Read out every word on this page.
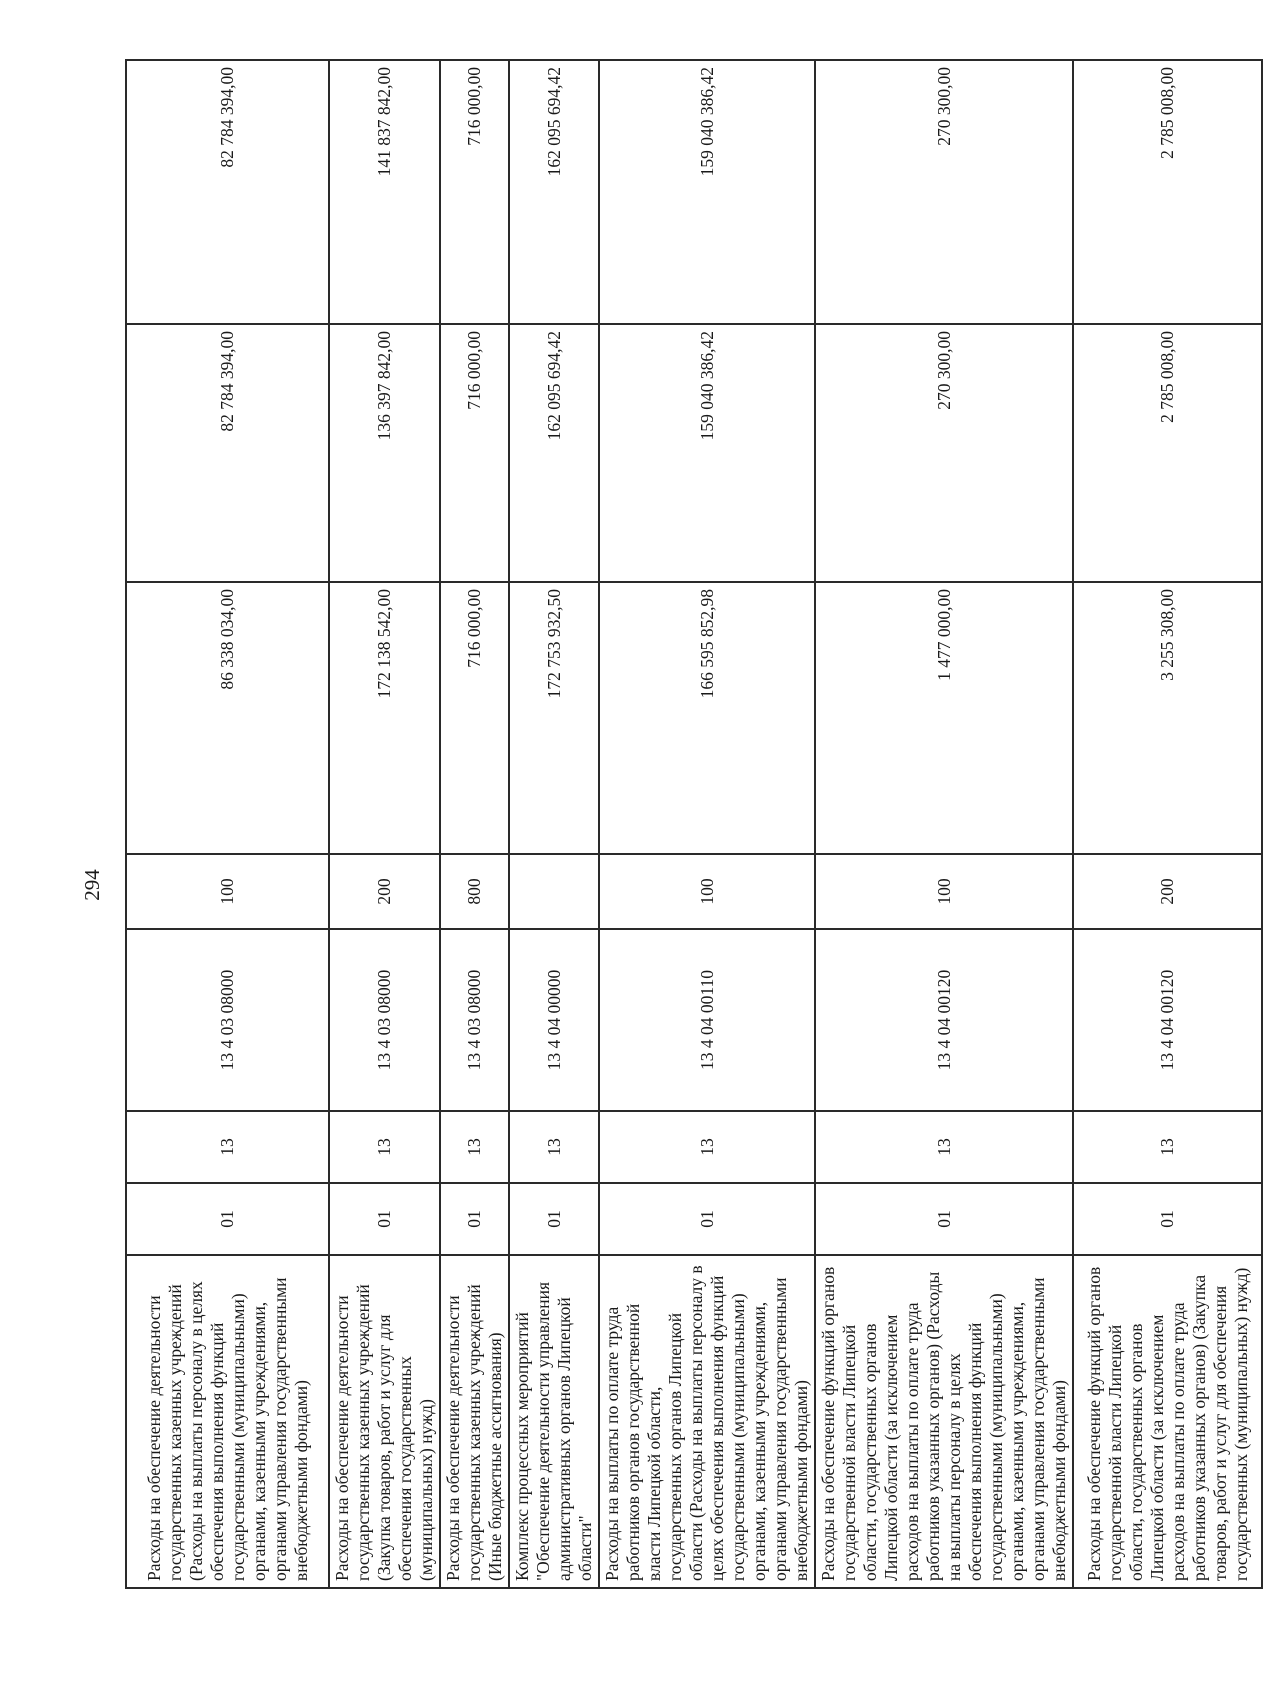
294
Расходы на обеспечение деятельности государственных казенных учреждений (Расходы на выплаты персоналу в целях обеспечения выполнения функций государственными (муниципальными) органами, казенными учреждениями, органами управления государственными внебюджетными фондами)	01	13	13 4 03 08000	100	86 338 034,00	82 784 394,00	82 784 394,00
Расходы на обеспечение деятельности государственных казенных учреждений (Закупка товаров, работ и услуг для обеспечения государственных (муниципальных) нужд)	01	13	13 4 03 08000	200	172 138 542,00	136 397 842,00	141 837 842,00
Расходы на обеспечение деятельности государственных казенных учреждений (Иные бюджетные ассигнования)	01	13	13 4 03 08000	800	716 000,00	716 000,00	716 000,00
Комплекс процессных мероприятий "Обеспечение деятельности управления административных органов Липецкой области"	01	13	13 4 04 00000		172 753 932,50	162 095 694,42	162 095 694,42
Расходы на выплаты по оплате труда работников органов государственной власти Липецкой области, государственных органов Липецкой области (Расходы на выплаты персоналу в целях обеспечения выполнения функций государственными (муниципальными) органами, казенными учреждениями, органами управления государственными внебюджетными фондами)	01	13	13 4 04 00110	100	166 595 852,98	159 040 386,42	159 040 386,42
Расходы на обеспечение функций органов государственной власти Липецкой области, государственных органов Липецкой области (за исключением расходов на выплаты по оплате труда работников указанных органов) (Расходы на выплаты персоналу в целях обеспечения выполнения функций государственными (муниципальными) органами, казенными учреждениями, органами управления государственными внебюджетными фондами)	01	13	13 4 04 00120	100	1 477 000,00	270 300,00	270 300,00
Расходы на обеспечение функций органов государственной власти Липецкой области, государственных органов Липецкой области (за исключением расходов на выплаты по оплате труда работников указанных органов) (Закупка товаров, работ и услуг для обеспечения государственных (муниципальных) нужд)	01	13	13 4 04 00120	200	3 255 308,00	2 785 008,00	2 785 008,00
